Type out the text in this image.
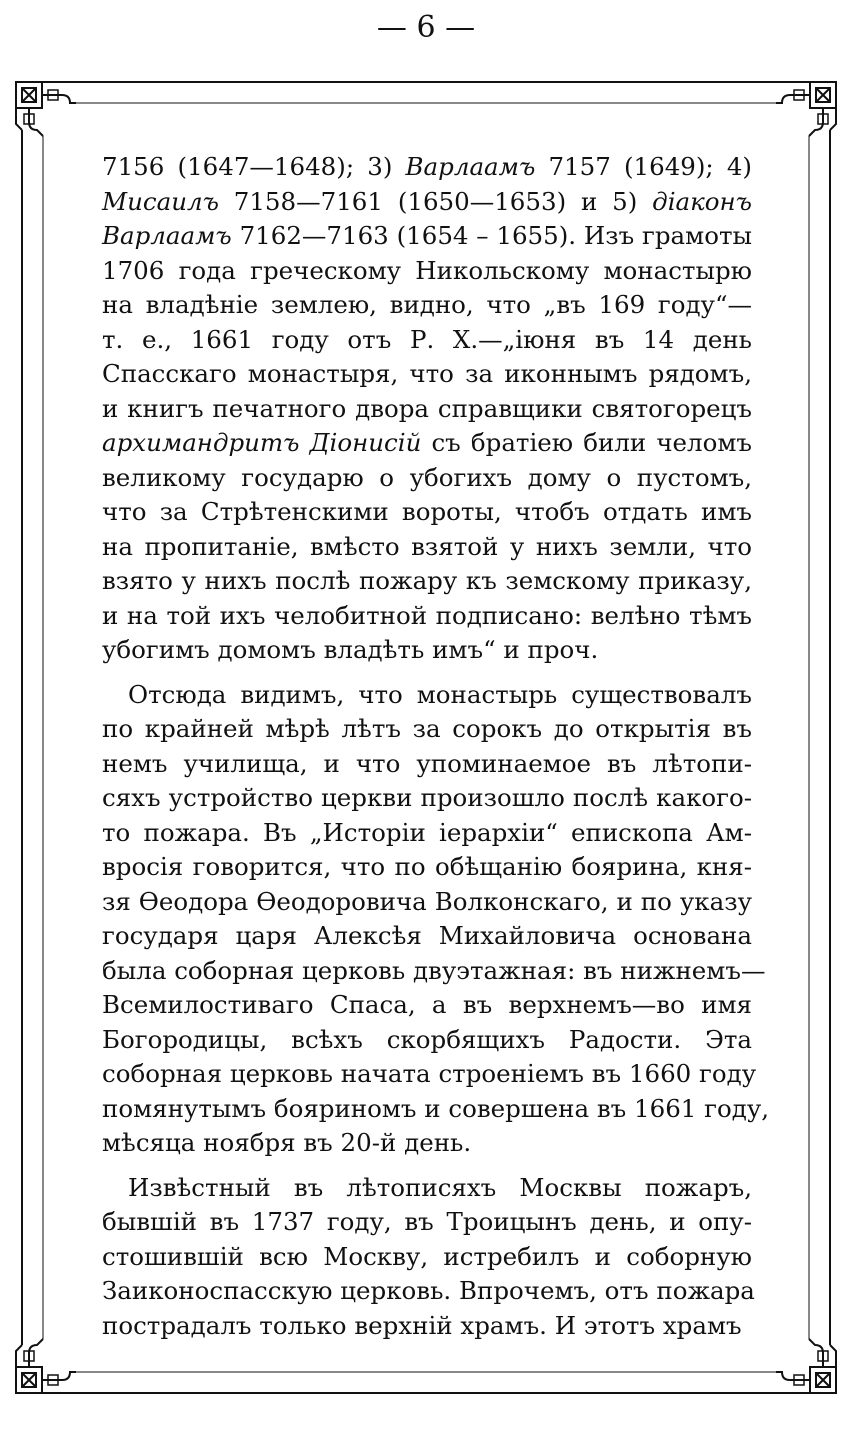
— 6 —

7156 (1647—1648); 3) Варлаамъ 7157 (1649); 4)
Мисаилъ 7158—7161 (1650—1653) и 5) діаконъ
Варлаамъ 7162—7163 (1654 – 1655). Изъ грамоты
1706 года греческому Никольскому монастырю
на владѣніе землею, видно, что „въ 169 году“—
т. е., 1661 году отъ Р. Х.—„іюня въ 14 день
Спасскаго монастыря, что за иконнымъ рядомъ,
и книгъ печатного двора справщики святогорецъ
архимандритъ Діонисій съ братіею били челомъ
великому государю о убогихъ дому о пустомъ,
что за Стрѣтенскими вороты, чтобъ отдать имъ
на пропитаніе, вмѣсто взятой у нихъ земли, что
взято у нихъ послѣ пожару къ земскому приказу,
и на той ихъ челобитной подписано: велѣно тѣмъ
убогимъ домомъ владѣть имъ“ и проч.

Отсюда видимъ, что монастырь существовалъ
по крайней мѣрѣ лѣтъ за сорокъ до открытія въ
немъ училища, и что упоминаемое въ лѣтопи-
сяхъ устройство церкви произошло послѣ какого-
то пожара. Въ „Исторіи іерархіи“ епископа Ам-
вросія говорится, что по обѣщанію боярина, кня-
зя Ѳеодора Ѳеодоровича Волконскаго, и по указу
государя царя Алексѣя Михайловича основана
была соборная церковь двуэтажная: въ нижнемъ—
Всемилостиваго Спаса, а въ верхнемъ—во имя
Богородицы, всѣхъ скорбящихъ Радости. Эта
соборная церковь начата строеніемъ въ 1660 году
помянутымъ бояриномъ и совершена въ 1661 году,
мѣсяца ноября въ 20-й день.

Извѣстный въ лѣтописяхъ Москвы пожаръ,
бывшій въ 1737 году, въ Троицынъ день, и опу-
стошившій всю Москву, истребилъ и соборную
Заиконоспасскую церковь. Впрочемъ, отъ пожара
пострадалъ только верхній храмъ. И этотъ храмъ
